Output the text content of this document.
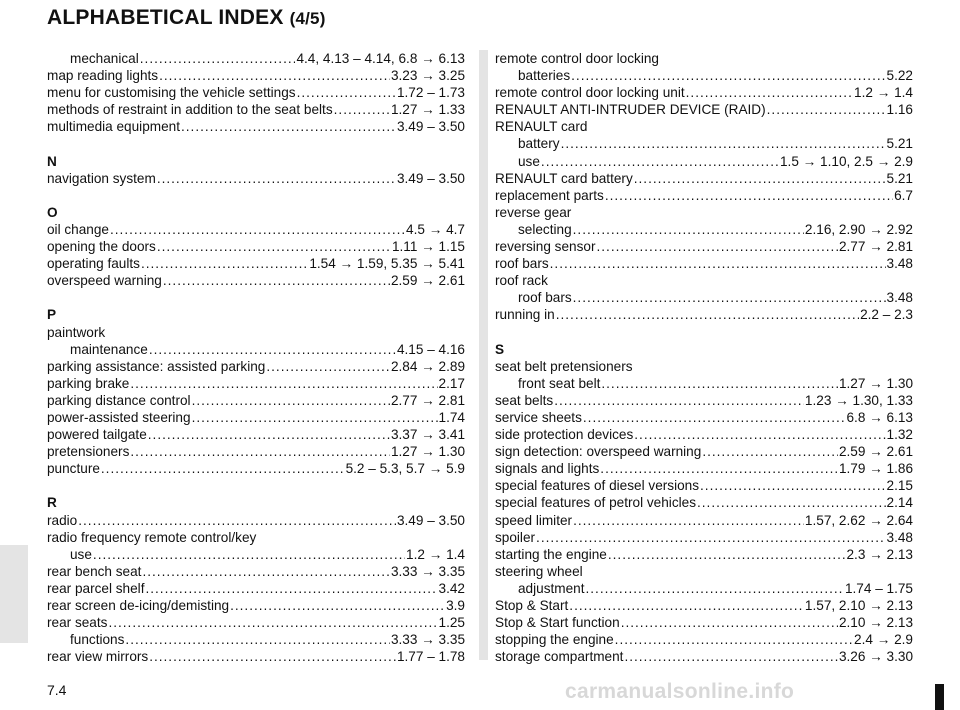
ALPHABETICAL INDEX (4/5)
mechanical .....	4.4, 4.13 – 4.14, 6.8 → 6.13
map reading lights .....	3.23 → 3.25
menu for customising the vehicle settings .....	1.72 – 1.73
methods of restraint in addition to the seat belts .....	1.27 → 1.33
multimedia equipment .....	3.49 – 3.50
N
navigation system .....	3.49 – 3.50
O
oil change .....	4.5 → 4.7
opening the doors .....	1.11 → 1.15
operating faults .....	1.54 → 1.59, 5.35 → 5.41
overspeed warning .....	2.59 → 2.61
P
paintwork
maintenance .....	4.15 – 4.16
parking assistance: assisted parking .....	2.84 → 2.89
parking brake .....	2.17
parking distance control .....	2.77 → 2.81
power-assisted steering .....	1.74
powered tailgate .....	3.37 → 3.41
pretensioners .....	1.27 → 1.30
puncture .....	5.2 – 5.3, 5.7 → 5.9
R
radio .....	3.49 – 3.50
radio frequency remote control/key
use .....	1.2 → 1.4
rear bench seat .....	3.33 → 3.35
rear parcel shelf .....	3.42
rear screen de-icing/demisting .....	3.9
rear seats .....	1.25
functions .....	3.33 → 3.35
rear view mirrors .....	1.77 – 1.78
remote control door locking
batteries .....	5.22
remote control door locking unit .....	1.2 → 1.4
RENAULT ANTI-INTRUDER DEVICE (RAID) .....	1.16
RENAULT card
battery .....	5.21
use .....	1.5 → 1.10, 2.5 → 2.9
RENAULT card battery .....	5.21
replacement parts .....	6.7
reverse gear
selecting .....	2.16, 2.90 → 2.92
reversing sensor .....	2.77 → 2.81
roof bars .....	3.48
roof rack
roof bars .....	3.48
running in .....	2.2 – 2.3
S
seat belt pretensioners
front seat belt .....	1.27 → 1.30
seat belts .....	1.23 → 1.30, 1.33
service sheets .....	6.8 → 6.13
side protection devices .....	1.32
sign detection: overspeed warning .....	2.59 → 2.61
signals and lights .....	1.79 → 1.86
special features of diesel versions .....	2.15
special features of petrol vehicles .....	2.14
speed limiter .....	1.57, 2.62 → 2.64
spoiler .....	3.48
starting the engine .....	2.3 → 2.13
steering wheel
adjustment .....	1.74 – 1.75
Stop & Start .....	1.57, 2.10 → 2.13
Stop & Start function .....	2.10 → 2.13
stopping the engine .....	2.4 → 2.9
storage compartment .....	3.26 → 3.30
7.4	carmanualsonline.info
